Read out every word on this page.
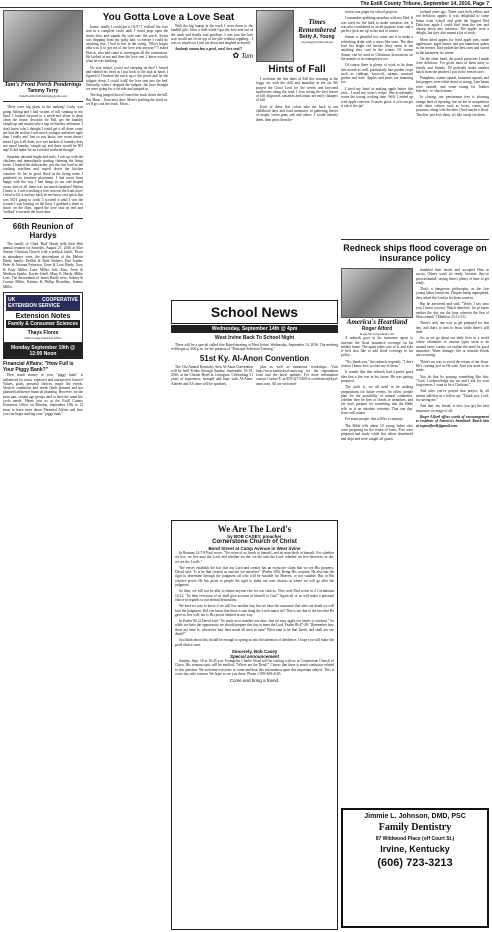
The Estill County Tribune, September 14, 2016, Page 7
Tam's Front Porch Ponderings
Tammy Terry
TamsFrontPorchPonderings@yahoo.net

There were big plans in the making! Corky was going fishing and I had visions of full canning in my head. I looked forward to a week-end alone to deep clean the house, decorate for Fall, get the laundry caught up and maybe take a nap on Sunday afternoon. I don't know why I thought I could get it all done, crazy me had the notion I was much younger and more agile than I really am! Just so you know, one room doesn't mean I got it all done, two wet baskets of laundry does not equal laundry 'caught up' and there would be NO nap! It did make for an eventful weekend though!

Saturday dawned bright and early, I was up with the chickens and immediately starting cleaning the living room. I loaded the dishwasher, put the first load in the washing machine and wiped down the kitchen counters. So far, so good. Back in the living room, I pondered on furniture placement. I had never been happy with the way I had things in our odd shaped room; first of all, there was too much furniture! Before I knew it, I was wrestling a love seat out the front door! I tried to lift it and my back let me know real quick that was NOT going to work. I scooted it until I saw the scratch I was leaving on the floor. I grabbed a sheet to throw on the floor, tipped the love seat on end and 'walked' it towards the front door.

66th Reunion of Hardys

The family of Clark 'Bud' Hardy held their 66th annual reunion on Saturday, August 27, 2016 at Rice Station Christian Church with a potluck lunch. Those in attendance were: the descendants of the Melvin Hardy family: Debbie & Ruth Walters, Erin Jordan, Peter & Arianna Patterson, Gene & Lora Hardy, Gary & Patty Miller, Luke Miller, Jeff, Kim, Trent & Madison Sparks, Kaylee Isbell, Mary E. Hardy, Millie Lees. The descendants of James Hardy were: Aubrey & Connie Miller, Katrina & Phillip Broaddus, Jeremy Miller.

UK COOPERATIVE EXTENSION SERVICE
Extension Notes
Family & Consumer Sciences
Thays Flores
Estill County Extension Office
Monday September 19th @ 12:00 Noon
Financial Affairs: "How Full is Your Piggy Bank?"

How much money in your "piggy bank" is influenced by many expected and unexpected factors! Values, goals, personal choices, major life events, lifestyle conditions and needs (both planned and not planned) influence financial planning. However, for the most part, certain age groups tend to have the same life cycle needs. Please join us at the Estill County Extension Office on Monday, September 19th at 12 noon to learn more about Financial Affairs and how you can begin stuffing your "piggy bank".

You Gotta Love a Love Seat

house, smelly I could get it OUT! I 'walked' the love seat in a complete circle until I could prop open the storm door and squash the sofa onto the porch. Sweat was dripping from my spiky hair, so before I could do anything else, I had to rest in the swing. 'Who's bright idea was it to get rid of the love seat anyway?' I asked Hooch, who had come to investigate all the commotion. He looked at me and then the love seat. I knew exactly what he was thinking.

No way mister, you're not sleeping on this! I fussed and rubbed his head as I put back to the task at hand. I figured if I backed the truck up to the porch and let the tailgate down, I could 'walk' the love seat into the bed. Naturally, when I dropped the tailgate, the boys thought we were going for a car ride and jumped in.

The dog jumped down I eased the truck down the hill. But Mom... flora next door. Mom's pushing the truck in, we'll go cool the truck. Mom...

With the big laptop in the truck I went down to the landfill pile. After a little while I got the love seat out of the truck and finally said goodbye. I was sure the love seat would not fit on top of the pile without toppling... I was so wiped out I just sat down and laughed at myself.

Anybody wanna buy a good, used, love seat?!

✿ Tam
Times Remembered
Betty A. Young
bayoung@windstream.net
Hints of Fall

I welcome the first hints of Fall this morning in the foggy air, with the chill and humidity in the air. We prayed the Good Lord for the weeds and browned sunflowers along the road. I love seeing the first leaves of fall: dogwood, sassafras and sumac are early changers of fall.

Each of these leaf colors take me back to our childhood days and fond memories of gathering leaves of maple, sweet gum, oak and others. I would identify them, then press them be-

tween wax paper for school projects.

I remember grabbing sassafras with my Dad. It was used for the bark to make sassafras tea. It was also considered as an all-purpose tonic and a perfect 'pick me up' at the end of winter.

Sumac is plentiful too; some use it to make a refreshing drink with a citrus-like taste. The deer love the bright red berries (they seem to eat anything they can) in the winter. Of course Sumac can be used in Christmas decorations on the mantle or in centerpieces too.

Of course there is plenty of work to be done this month as well, particularly late garden crops such as cabbage, broccoli, turnips, mustard greens and kale. Apples and pears are maturing too.

I tried my hand at making apple butter this year... I used my sister's recipe. She accidentally wrote the wrong cooking time. Well, I ended up with apple concrete. It tastes good, if you can get it out of the jar!

orchard years ago. There were both yellow and red delicious apples. It was delightful to come home from school and grab the biggest Red Delicious apple I could find from the tree and chomp down into juiciness. The apples were a delight, but they also meant a lot of work.

Mom dried apples for fried apple pies, made applesauce, apple butter, and put numerous quarts in the freezer. Dad picked the best ones and stored in the basement for winter.

On the other hand, the peach preserves I made were delicious. I've given most of them away to family and friends. I'll probably make another batch from the peaches I put in the freezer later.

Pumpkins, winter squash, butternut squash, and hot peppers were either dried or strung. Late beans were canned, and some strung for 'leather britches,' or 'shuck beans.'

In closing, our persimmon tree is showing orange hues of ripening, but we are in competition with other critters such as foxes, coons, and possums, along with the deer. (And maybe a bear). The deer just love them, it's like candy for them.

School News
Wednesday, September 14th @ 4pm
West Irvine Back To School Night

There will be a special called Site Based meeting at West Irvine, Wednesday, September 14, 2016. The meeting will begin at 4:00 p.m. for the purpose of "Principal Selection Training."

51st Ky. Al-Anon Convention

The 51st Annual Kentucky Area Al-Anon Convention will be held Friday through Sunday, September 16-18, 2016, at the Clarion Hotel in Lexington. Celebrating 51 years of experience, strength and hope with Al-Anon, Alateen and AA there will be speakers,

plus as well as numerous workshops. Visit http://www.kentuckyal-anon.org for the registration form and the latest updates. For more information contact Cookie E. at 859-327-5409 or conference@kyal-anon.com. All are welcome!

We Are The Lord's
by BOB CASEY, preacher
Cornerstone Church of Christ
Bond Street at Camp Avenue in West Irvine

In Romans 14:7-8 Paul wrote: "For none of us liveth to himself, and no man dieth to himself. For whether we live, we live unto the Lord; and whether we die, we die unto the Lord: whether we live therefore, or die, we are the Lord's."

The verses establish the fact that our Lord and creator has an exclusive claim that we are His property. David said, "It is he that created us and not we ourselves" (Psalm 100). Being His creation, He also has the right to determine through the judgment all who will be suitable for Heaven, or not suitable. But in His creative power He has given to people the right to make our own choices in where we will go after the judgment.

So then, we will not be able to blame anyone else for our choices. Now note Paul wrote in 2 Corinthians 14:12: "So then everyone of us shall give account of himself to God." Again all of us will make a personal choice in regards to our eternal destination.

We have no way to know if we will live another day, but we have the assurance that after our death we will face the judgment. Did you know that there is one thing the Lord cannot do? This is not due to the fact that He gave us free will; nor is His power limited in any way.

In Psalm 90:12 David said: "So teach us to number our days, that we may apply our hearts to wisdom." So while we have the opportunity we should prepare this day to meet the Lord. Psalm 89:47-48: "Remember how short my time is: wherefore hast thou made all men in vain? What man is he that liveth, and shall not see death?"

Just think about this should be enough to spring us into the attention of obedience. I hope you will make the good choice soon.

Sincerely, Bob Casey
Special announcement

Sunday, Sept. 18 at 10:45 a.m. Evangelist Charlie Ward will be visiting with us at Cornerstone Church of Christ. His sermon topic will be entitled, "Where are the Dead?" I know that there is much confusion related to this question. We welcome everyone to come and hear this information upon this important subject. This is a one day only sermon. We hope to see you there. Phone 1-859-369-4165.

Come and bring a friend.
Redneck ships flood coverage on insurance policy
America's Heartland
Roger Alford
RogerAlford1@Gmail.Com

A redneck goes to his insurance agent to increase the flood insurance coverage on his mobile home. The agent takes care of it, and asks if he'd also like to add flood coverage to his policy.

"No, thank you," the redneck responds. "I don't reckon I know how to start one of them."

It sounds like that redneck had a pretty good idea that a fire was in his future. He was getting prepared.

The truth is, we all need to be making preparations for future events. So often, people plan for the possibility of natural calamities, whether they be fires or floods or tornadoes, and yet don't prepare for something that the Bible tells us is an absolute certainty. That one day, Jesus will return.

For some people, that will be a calamity.

The Bible tells about 10 young ladies who were preparing for the return of Jesus. Five were prepared and ready while five others slumbered and slept and were caught off guard.

humbled their hearts and accepted Him as savior. Others won't be ready, because they've procrastinated, saying there's plenty of time to get ready.

That's a dangerous philosophy, as the five young ladies found out. Despite being unprepared, they asked the Lord to let them come in.

But he answered and said, "Verily I say unto you, I know you not. Watch therefore, for ye know neither the day nor the hour wherein the Son of Man cometh" (Matthew 25:12-13).

There's only one way to get prepared for that day, and that's to turn to Jesus while there's still time.

So, as we go about our daily lives in a world where calamities of various types seem to be around every corner, we realize the need for good insurance. Water damage, fire or tornado floods are occurring.

There's no way to avoid the return of our Jesus. He's coming just as He said. And you need to be ready.

You do that by praying something like this: "Lord, I acknowledge my sin and I ask for your forgiveness. I want to be a Christian."

And after you've prayed that prayer, by all means add that as a follow up: "Thank you, Lord, for saving me."

And that, my friend, is how you get the best insurance coverage of all.

Roger Alford offers words of encouragement to residents of America's heartland. Reach him at rogeralford1@gmail.com.

Jimmie L. Johnson, DMD, PSC
Family Dentistry
87 Wildwood Place (off Court St.)
Irvine, Kentucky
(606) 723-3213
